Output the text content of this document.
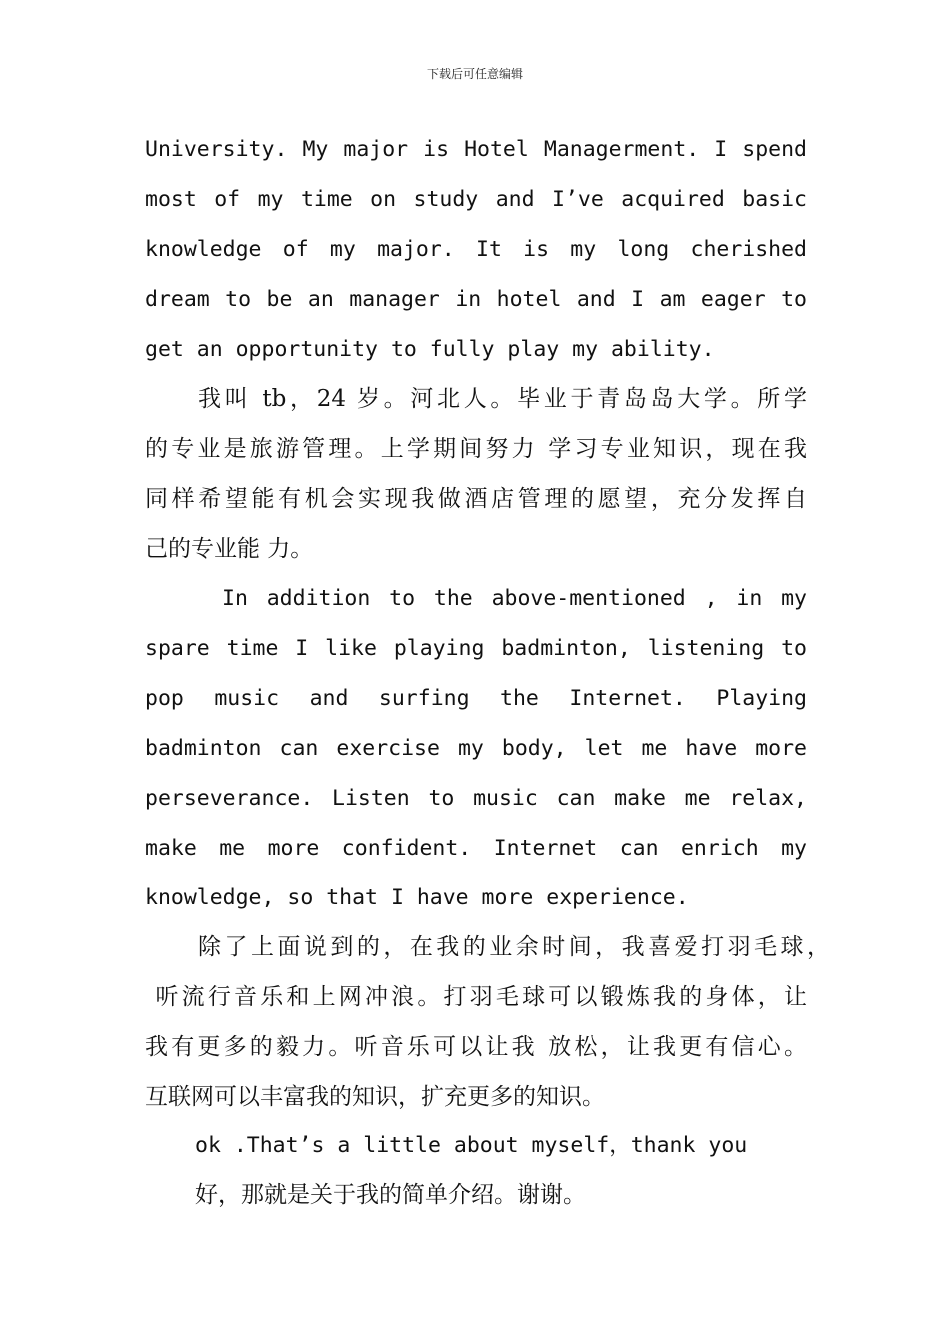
下载后可任意编辑
University. My major is Hotel Managerment. I spend
most of my time on study and I’ve acquired basic
knowledge of my major. It is my long cherished
dream to be an manager in hotel and I am eager to
get an opportunity to fully play my ability.
我叫 tb，24 岁。河北人。毕业于青岛岛大学。所学
的专业是旅游管理。上学期间努力 学习专业知识，现在我
同样希望能有机会实现我做酒店管理的愿望，充分发挥自
己的专业能 力。
In addition to the above-mentioned , in my
spare time I like playing badminton, listening to
pop music and surfing the Internet. Playing
badminton can exercise my body, let me have more
perseverance. Listen to music can make me relax,
make me more confident. Internet can enrich my
knowledge, so that I have more experience.
除了上面说到的，在我的业余时间，我喜爱打羽毛球，
听流行音乐和上网冲浪。打羽毛球可以锻炼我的身体，让
我有更多的毅力。听音乐可以让我 放松，让我更有信心。
互联网可以丰富我的知识，扩充更多的知识。
ok .That’s a little about myself，thank you
好，那就是关于我的简单介绍。谢谢。
